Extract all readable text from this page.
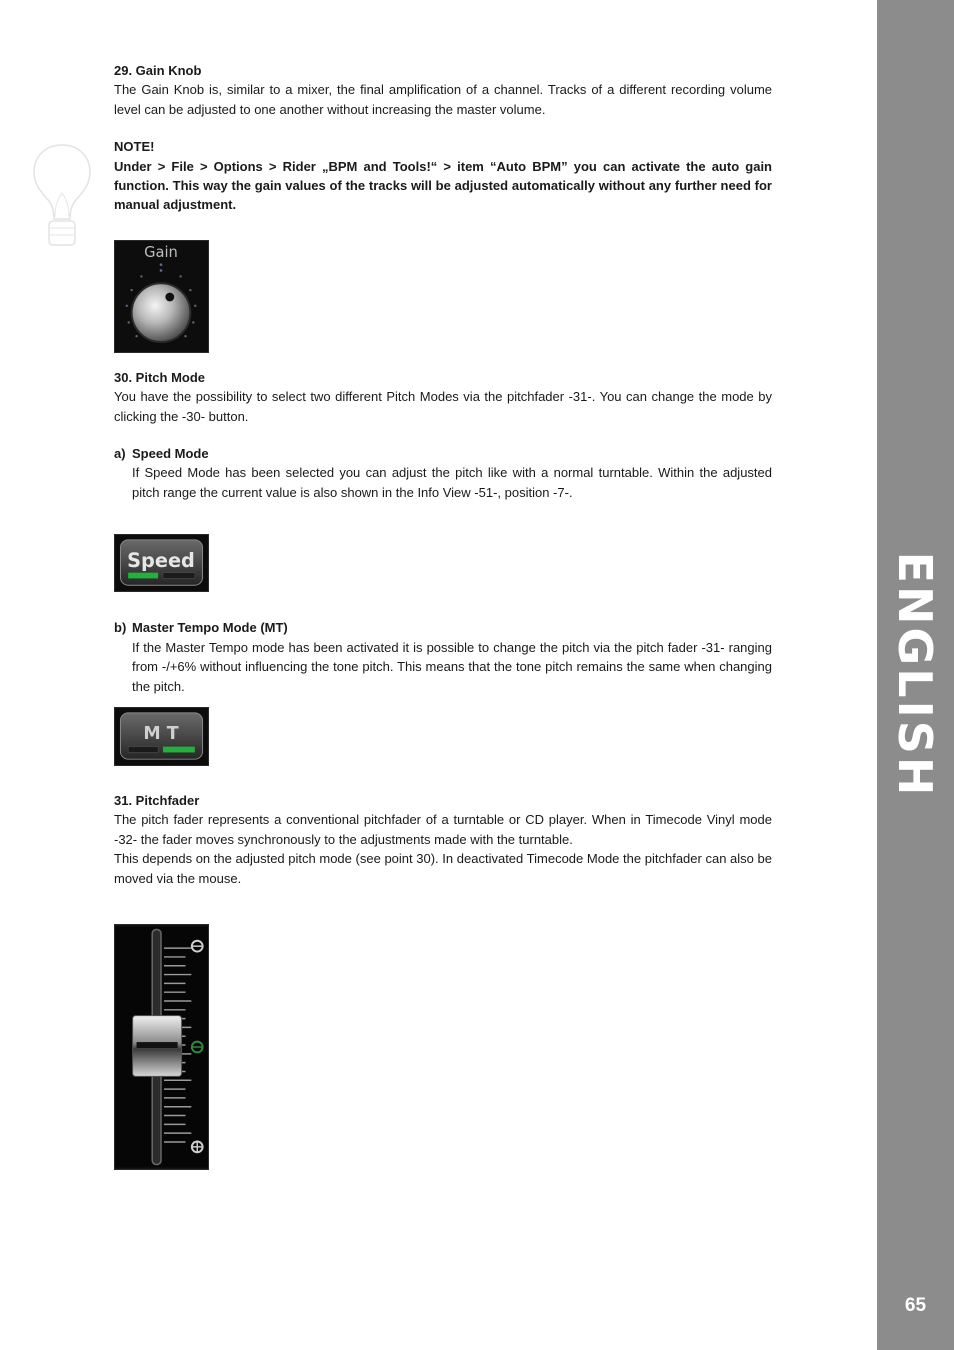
29. Gain Knob

The Gain Knob is, similar to a mixer, the final amplification of a channel. Tracks of a different recording volume level can be adjusted to one another without increasing the master volume.

NOTE!

Under > File > Options > Rider „BPM and Tools!“ > item “Auto BPM” you can activate the auto gain function. This way the gain values of the tracks will be adjusted automatically without any further need for manual adjustment.

Gain

30. Pitch Mode

You have the possibility to select two different Pitch Modes via the pitchfader -31-. You can change the mode by clicking the -30- button.

a) Speed Mode

If Speed Mode has been selected you can adjust the pitch like with a normal turntable. Within the adjusted pitch range the current value is also shown in the Info View -51-, position -7-.

Speed
b) Master Tempo Mode (MT)

If the Master Tempo mode has been activated it is possible to change the pitch via the pitch fader -31- ranging from -/+6% without influencing the tone pitch. This means that the tone pitch remains the same when changing the pitch.

M T

31. Pitchfader

The pitch fader represents a conventional pitchfader of a turntable or CD player. When in Timecode Vinyl mode -32- the fader moves synchronously to the adjustments made with the turntable.

This depends on the adjusted pitch mode (see point 30). In deactivated Timecode Mode the pitchfader can also be moved via the mouse.

ENGLISH
65
